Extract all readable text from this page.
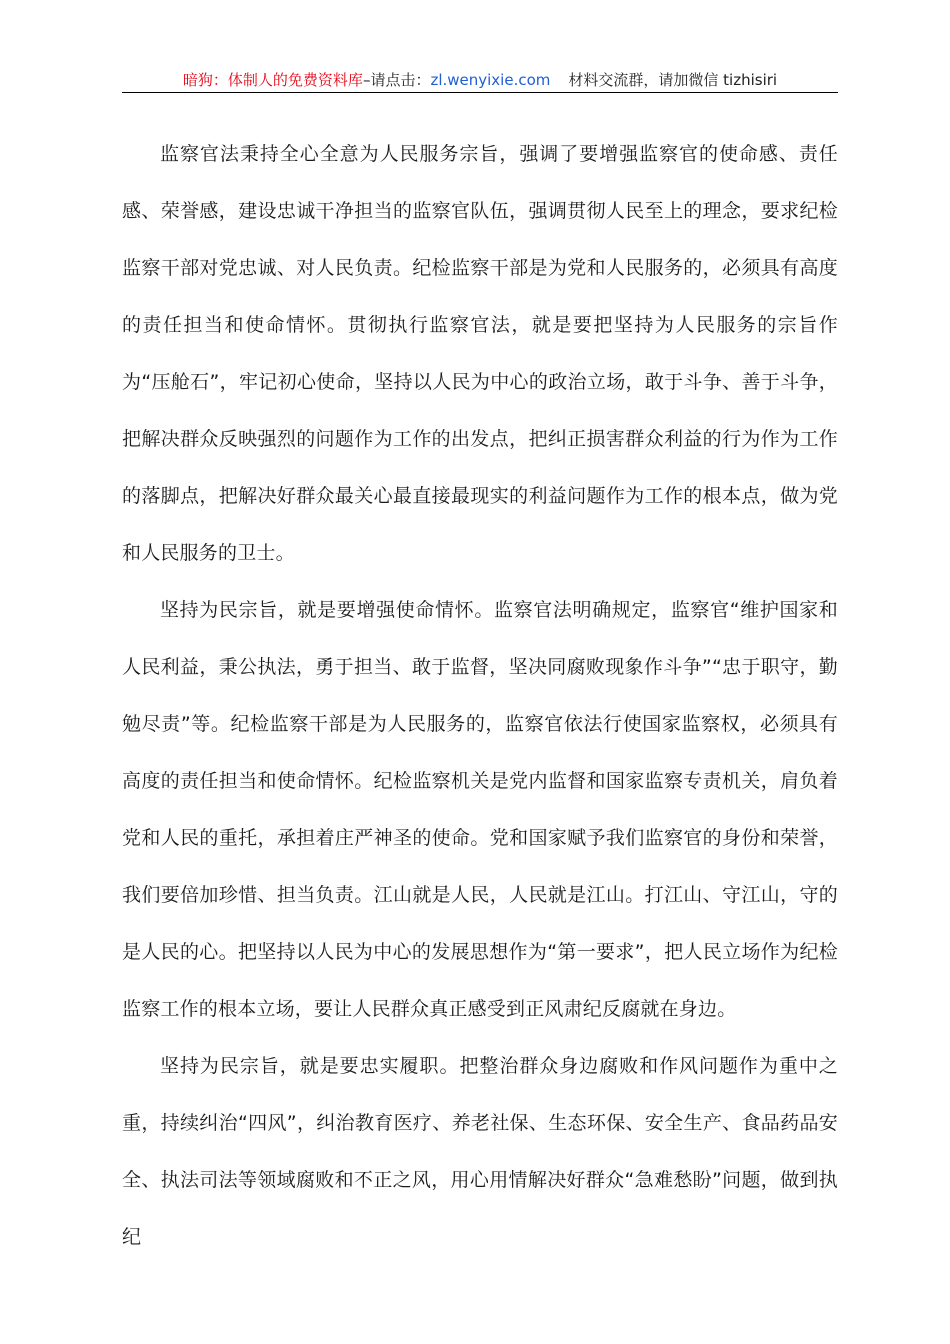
暗狗：体制人的免费资料库–请点击：zl.wenyixie.com 材料交流群，请加微信 tizhisiri

监察官法秉持全心全意为人民服务宗旨，强调了要增强监察官的使命感、责任感、荣誉感，建设忠诚干净担当的监察官队伍，强调贯彻人民至上的理念，要求纪检监察干部对党忠诚、对人民负责。纪检监察干部是为党和人民服务的，必须具有高度的责任担当和使命情怀。贯彻执行监察官法，就是要把坚持为人民服务的宗旨作为“压舱石”，牢记初心使命，坚持以人民为中心的政治立场，敢于斗争、善于斗争，把解决群众反映强烈的问题作为工作的出发点，把纠正损害群众利益的行为作为工作的落脚点，把解决好群众最关心最直接最现实的利益问题作为工作的根本点，做为党和人民服务的卫士。

坚持为民宗旨，就是要增强使命情怀。监察官法明确规定，监察官“维护国家和人民利益，秉公执法，勇于担当、敢于监督，坚决同腐败现象作斗争”“忠于职守，勤勉尽责”等。纪检监察干部是为人民服务的，监察官依法行使国家监察权，必须具有高度的责任担当和使命情怀。纪检监察机关是党内监督和国家监察专责机关，肩负着党和人民的重托，承担着庄严神圣的使命。党和国家赋予我们监察官的身份和荣誉，我们要倍加珍惜、担当负责。江山就是人民，人民就是江山。打江山、守江山，守的是人民的心。把坚持以人民为中心的发展思想作为“第一要求”，把人民立场作为纪检监察工作的根本立场，要让人民群众真正感受到正风肃纪反腐就在身边。

坚持为民宗旨，就是要忠实履职。把整治群众身边腐败和作风问题作为重中之重，持续纠治“四风”，纠治教育医疗、养老社保、生态环保、安全生产、食品药品安全、执法司法等领域腐败和不正之风，用心用情解决好群众“急难愁盼”问题，做到执纪
